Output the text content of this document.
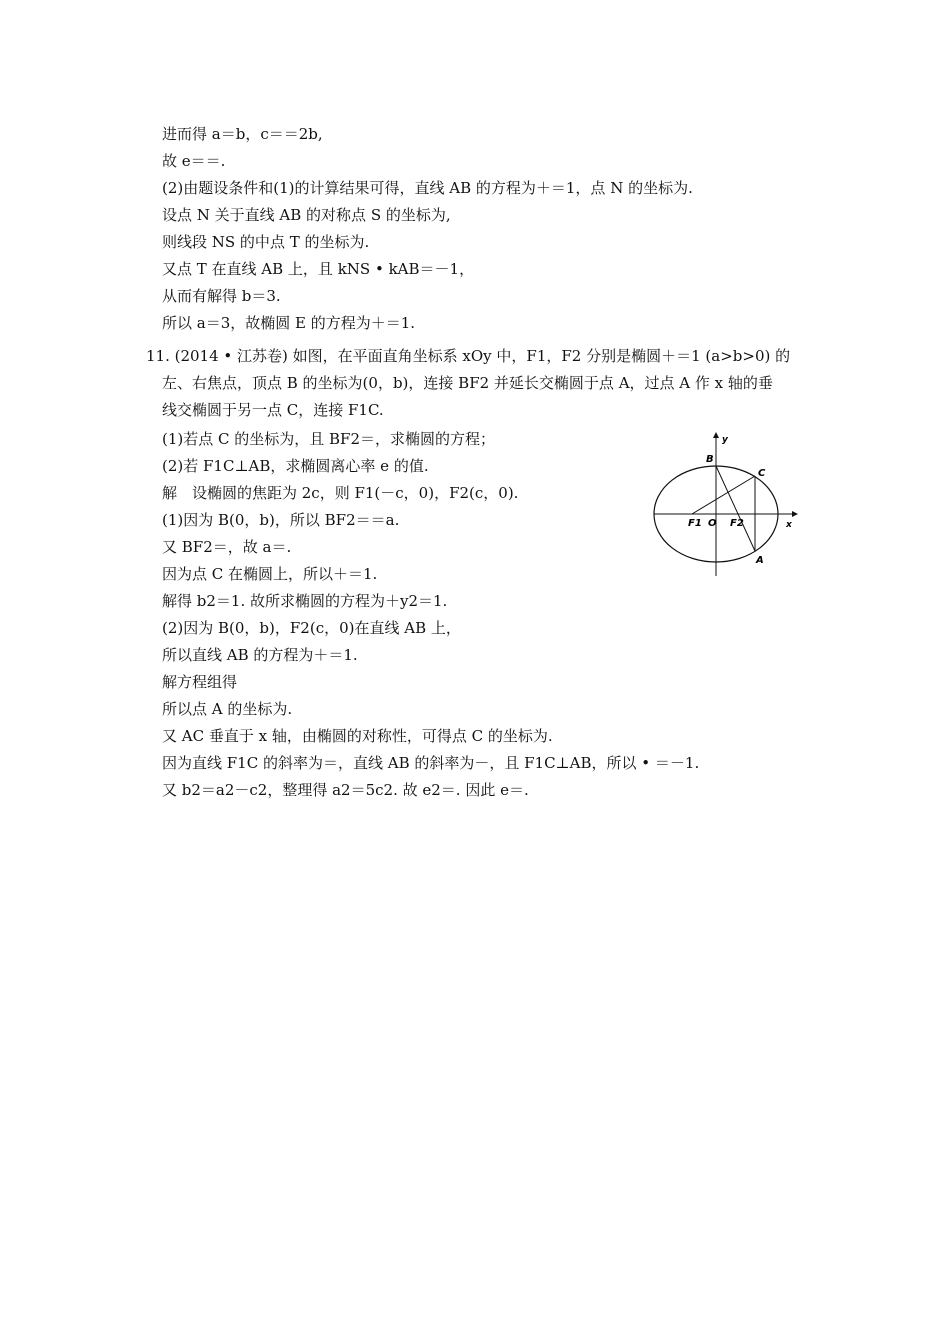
进而得 a＝b，c＝＝2b,
故 e＝＝.
(2)由题设条件和(1)的计算结果可得，直线 AB 的方程为＋＝1，点 N 的坐标为.
设点 N 关于直线 AB 的对称点 S 的坐标为,
则线段 NS 的中点 T 的坐标为.
又点 T 在直线 AB 上，且 kNS • kAB＝－1，
从而有解得 b＝3.
所以 a＝3，故椭圆 E 的方程为＋＝1.
11. (2014 • 江苏卷) 如图，在平面直角坐标系 xOy 中，F1，F2 分别是椭圆＋＝1 (a>b>0) 的
左、右焦点，顶点 B 的坐标为(0，b)，连接 BF2 并延长交椭圆于点 A，过点 A 作 x 轴的垂
线交椭圆于另一点 C，连接 F1C.
(1)若点 C 的坐标为，且 BF2＝，求椭圆的方程；
(2)若 F1C⊥AB，求椭圆离心率 e 的值.
解　设椭圆的焦距为 2c，则 F1(－c，0)，F2(c，0).
(1)因为 B(0，b)，所以 BF2＝＝a.
又 BF2＝，故 a＝.
因为点 C 在椭圆上，所以＋＝1.
解得 b2＝1. 故所求椭圆的方程为＋y2＝1.
(2)因为 B(0，b)，F2(c，0)在直线 AB 上，
所以直线 AB 的方程为＋＝1.
解方程组得
所以点 A 的坐标为.
又 AC 垂直于 x 轴，由椭圆的对称性，可得点 C 的坐标为.
因为直线 F1C 的斜率为＝，直线 AB 的斜率为－，且 F1C⊥AB，所以 • ＝－1.
又 b2＝a2－c2，整理得 a2＝5c2. 故 e2＝. 因此 e＝.
y
x
B
C
F1 O F2
A
